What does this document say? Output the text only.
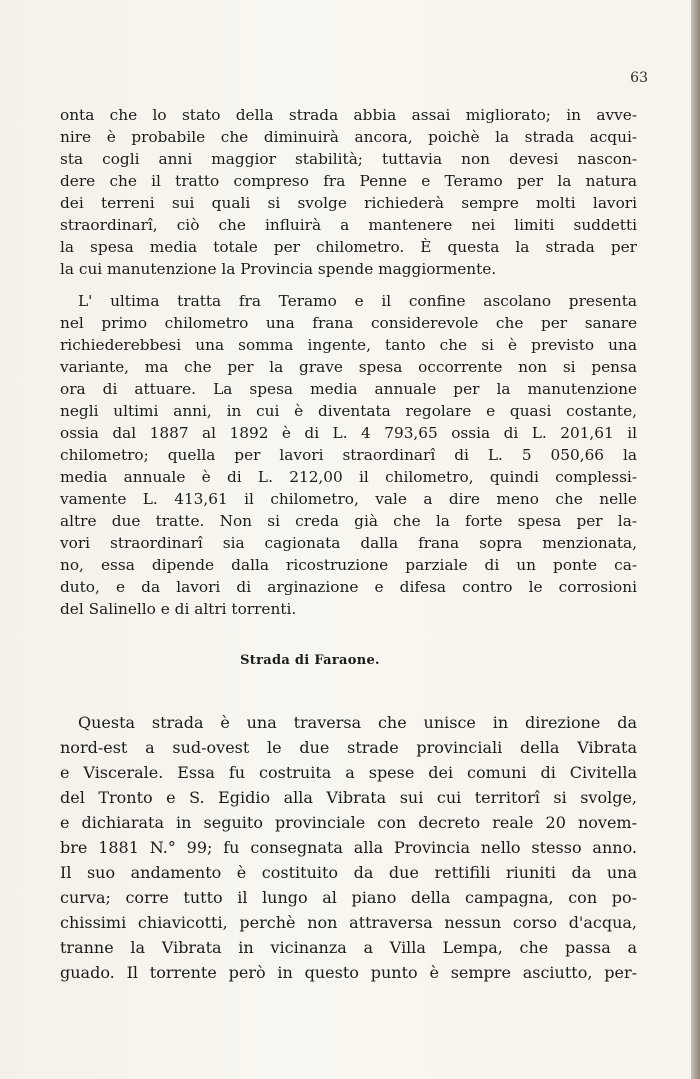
63
onta che lo stato della strada abbia assai migliorato; in avve-
nire è probabile che diminuirà ancora, poichè la strada acqui-
sta cogli anni maggior stabilità; tuttavia non devesi nascon-
dere che il tratto compreso fra Penne e Teramo per la natura
dei terreni sui quali si svolge richiederà sempre molti lavori
straordinarî, ciò che influirà a mantenere nei limiti suddetti
la spesa media totale per chilometro. È questa la strada per
la cui manutenzione la Provincia spende maggiormente.
L' ultima tratta fra Teramo e il confine ascolano presenta
nel primo chilometro una frana considerevole che per sanare
richiederebbesi una somma ingente, tanto che si è previsto una
variante, ma che per la grave spesa occorrente non si pensa
ora di attuare. La spesa media annuale per la manutenzione
negli ultimi anni, in cui è diventata regolare e quasi costante,
ossia dal 1887 al 1892 è di L. 4 793,65 ossia di L. 201,61 il
chilometro; quella per lavori straordinarî di L. 5 050,66 la
media annuale è di L. 212,00 il chilometro, quindi complessi-
vamente L. 413,61 il chilometro, vale a dire meno che nelle
altre due tratte. Non si creda già che la forte spesa per la-
vori straordinarî sia cagionata dalla frana sopra menzionata,
no, essa dipende dalla ricostruzione parziale di un ponte ca-
duto, e da lavori di arginazione e difesa contro le corrosioni
del Salinello e di altri torrenti.
Strada di Faraone.
Questa strada è una traversa che unisce in direzione da
nord-est a sud-ovest le due strade provinciali della Vibrata
e Viscerale. Essa fu costruita a spese dei comuni di Civitella
del Tronto e S. Egidio alla Vibrata sui cui territorî si svolge,
e dichiarata in seguito provinciale con decreto reale 20 novem-
bre 1881 N.° 99; fu consegnata alla Provincia nello stesso anno.
Il suo andamento è costituito da due rettifili riuniti da una
curva; corre tutto il lungo al piano della campagna, con po-
chissimi chiavicotti, perchè non attraversa nessun corso d'acqua,
tranne la Vibrata in vicinanza a Villa Lempa, che passa a
guado. Il torrente però in questo punto è sempre asciutto, per-
